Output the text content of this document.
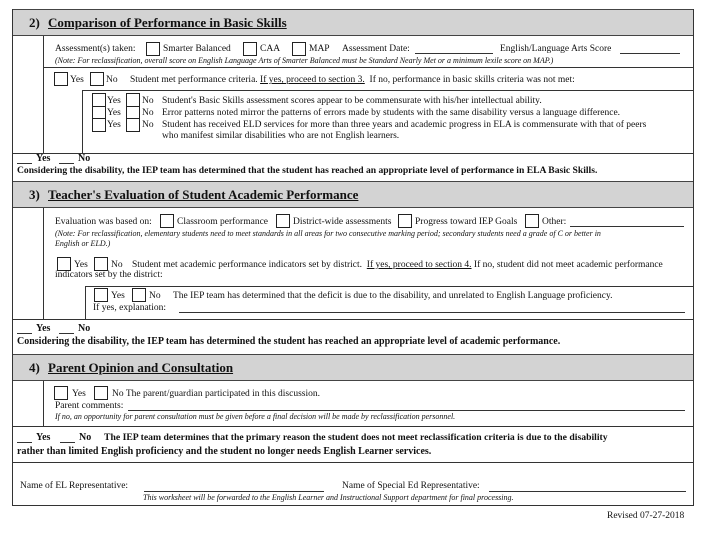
2) Comparison of Performance in Basic Skills
Assessment(s) taken:	Smarter Balanced	CAA	MAP Assessment Date:	English/Language Arts Score
(Note: For reclassification, overall score on English Language Arts of Smarter Balanced must be Standard Nearly Met or a minimum lexile score on MAP.)
Yes No Student met performance criteria. If yes, proceed to section 3. If no, performance in basic skills criteria was not met:
Yes No Student's Basic Skills assessment scores appear to be commensurate with his/her intellectual ability.
Yes No Error patterns noted mirror the patterns of errors made by students with the same disability versus a language difference.
Yes No Student has received ELD services for more than three years and academic progress in ELA is commensurate with that of peers
who manifest similar disabilities who are not English learners.
Yes	No
Considering the disability, the IEP team has determined that the student has reached an appropriate level of performance in ELA Basic Skills.
3) Teacher's Evaluation of Student Academic Performance
Evaluation was based on:	Classroom performance	District-wide assessments Progress toward IEP Goals	Other:
(Note: For reclassification, elementary students need to meet standards in all areas for two consecutive marking period; secondary students need a grade of C or better in
English or ELD.)
Yes No Student met academic performance indicators set by district. If yes, proceed to section 4. If no, student did not meet academic performance
indicators set by the district:
Yes	No The IEP team has determined that the deficit is due to the disability, and unrelated to English Language proficiency.
If yes, explanation:
Yes	No
Considering the disability, the IEP team has determined the student has reached an appropriate level of academic performance.
4) Parent Opinion and Consultation
Yes	No The parent/guardian participated in this discussion.
Parent comments:
If no, an opportunity for parent consultation must be given before a final decision will be made by reclassification personnel.
Yes	No The IEP team determines that the primary reason the student does not meet reclassification criteria is due to the disability
rather than limited English proficiency and the student no longer needs English Learner services.
Name of EL Representative:	Name of Special Ed Representative:
This worksheet will be forwarded to the English Learner and Instructional Support department for final processing.
Revised 07-27-2018
